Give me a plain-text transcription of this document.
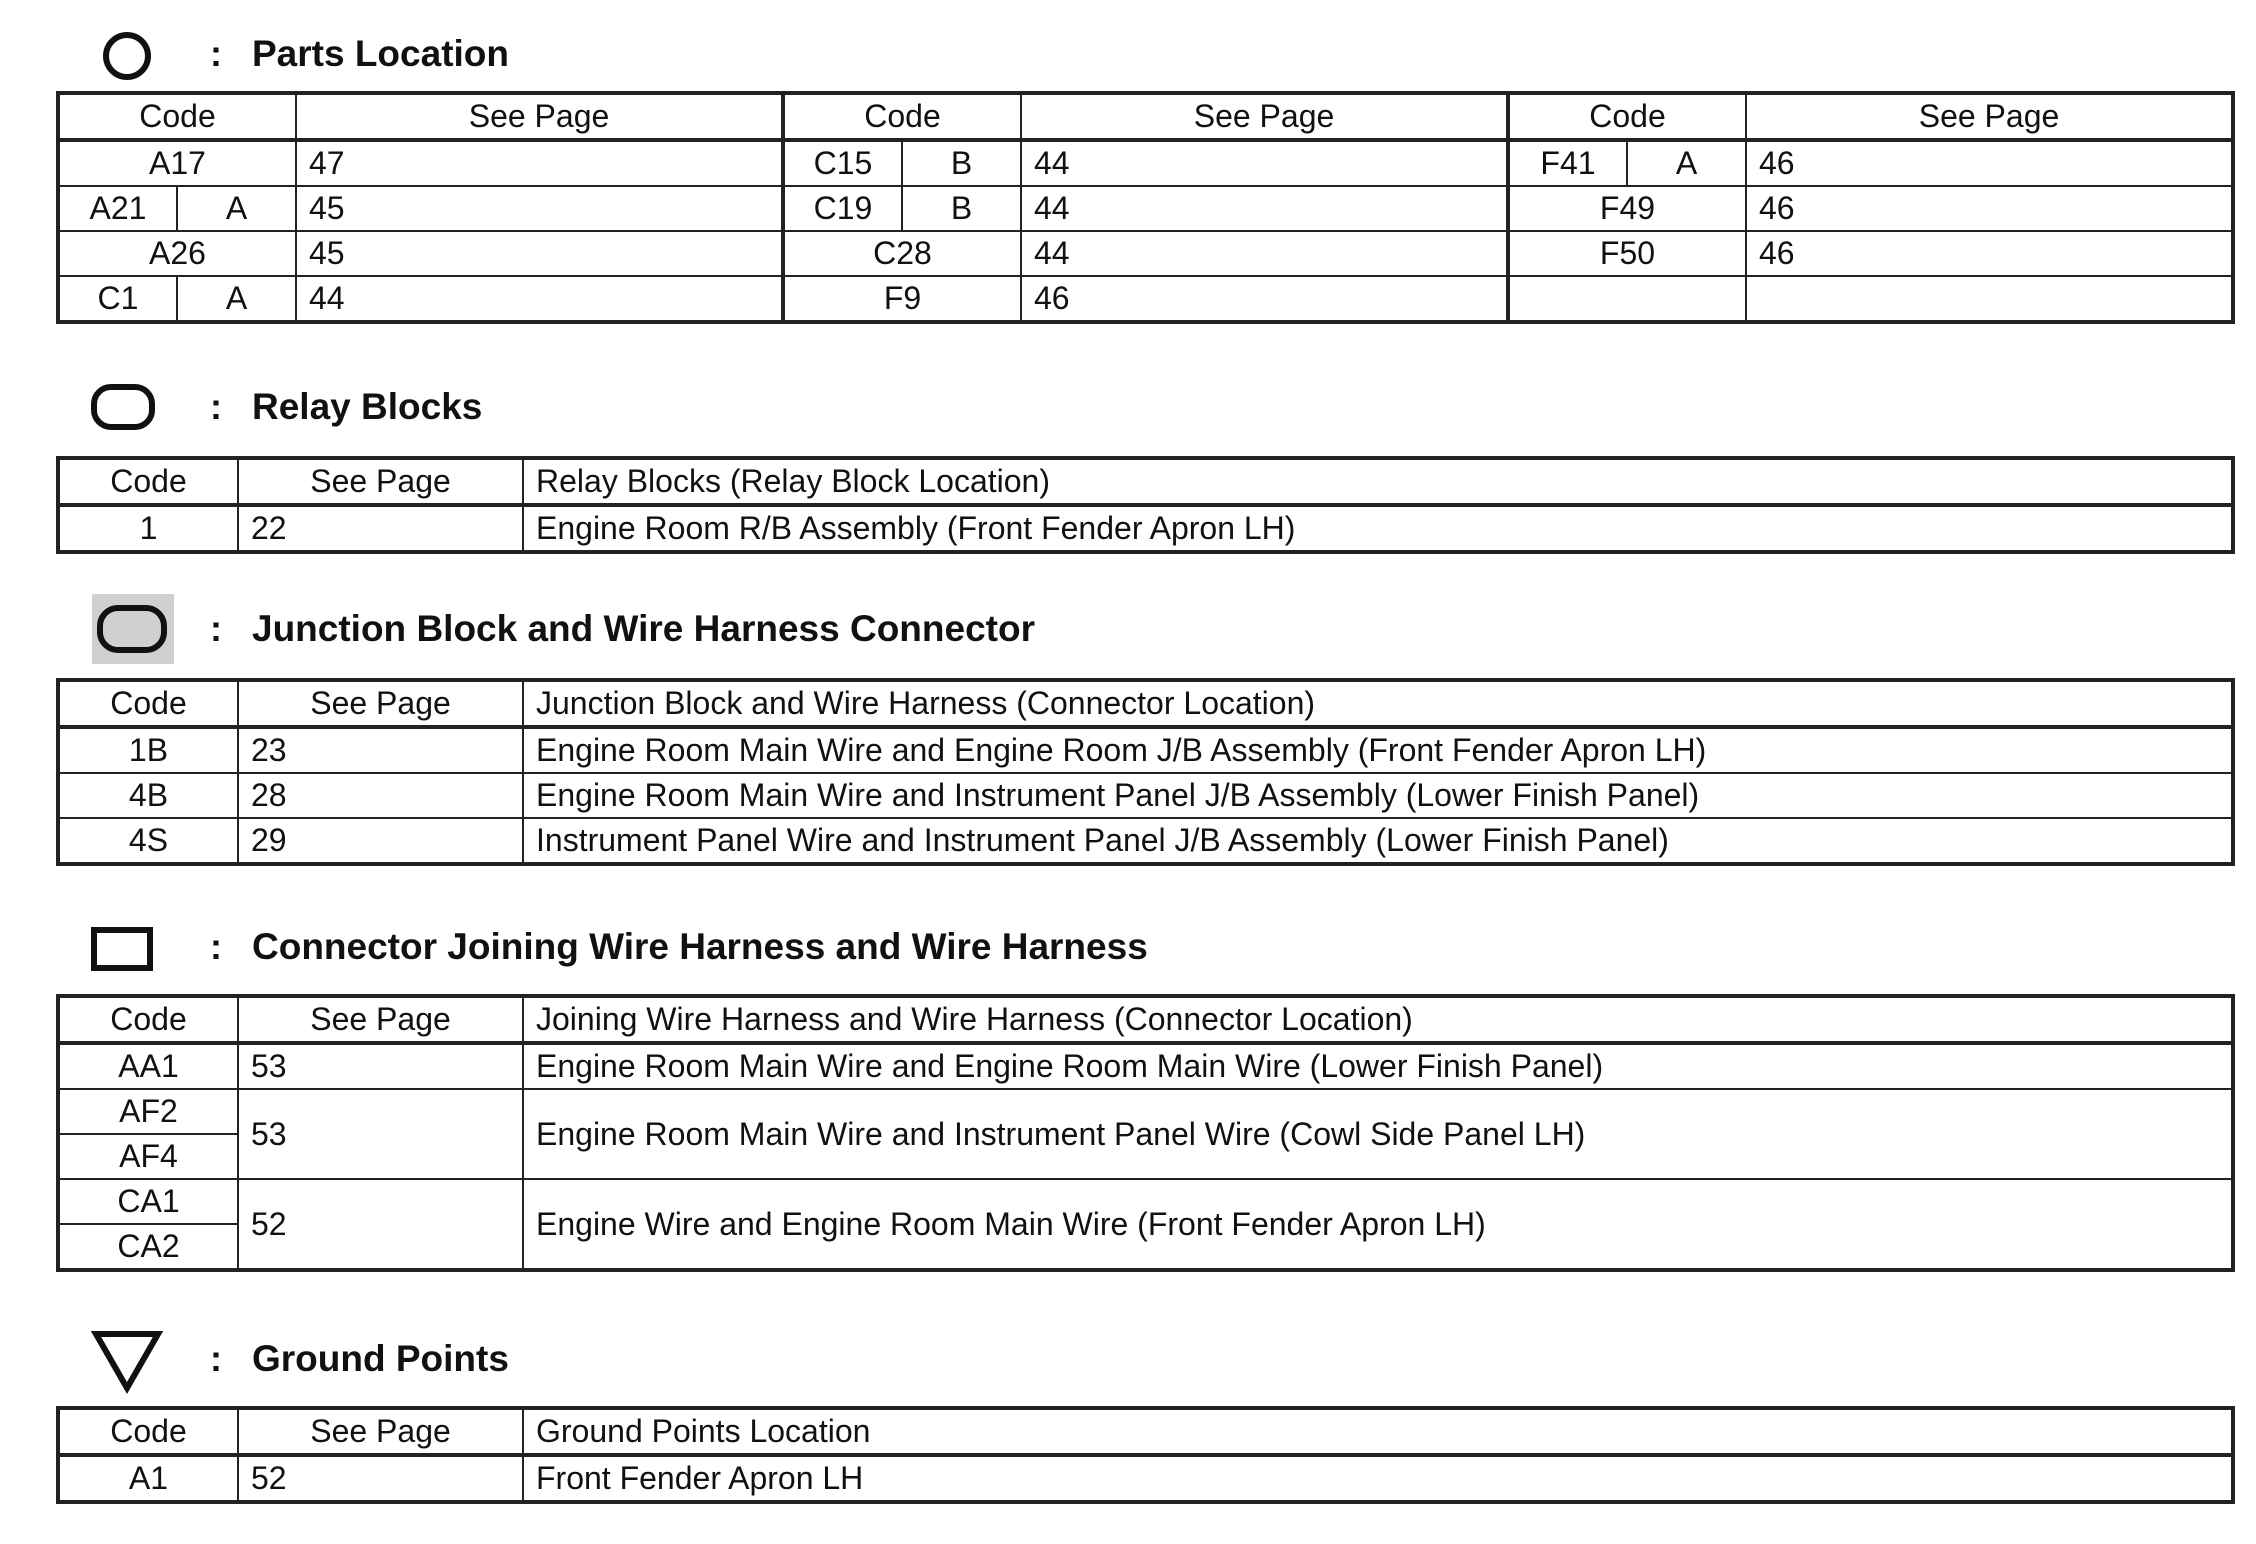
: Parts Location
Code		See Page	Code		See Page	Code		See Page
A17		47	C15	B	44	F41	A	46
A21	A	45	C19	B	44	F49		46
A26		45	C28		44	F50		46
C1	A	44	F9		46			
: Relay Blocks
Code	See Page	Relay Blocks (Relay Block Location)
1	22	Engine Room R/B Assembly (Front Fender Apron LH)
: Junction Block and Wire Harness Connector
Code	See Page	Junction Block and Wire Harness (Connector Location)
1B	23	Engine Room Main Wire and Engine Room J/B Assembly (Front Fender Apron LH)
4B	28	Engine Room Main Wire and Instrument Panel J/B Assembly (Lower Finish Panel)
4S	29	Instrument Panel Wire and Instrument Panel J/B Assembly (Lower Finish Panel)
: Connector Joining Wire Harness and Wire Harness
Code	See Page	Joining Wire Harness and Wire Harness (Connector Location)
AA1	53	Engine Room Main Wire and Engine Room Main Wire (Lower Finish Panel)
AF2	53	Engine Room Main Wire and Instrument Panel Wire (Cowl Side Panel LH)
AF4		
CA1	52	Engine Wire and Engine Room Main Wire (Front Fender Apron LH)
CA2		
: Ground Points
Code	See Page	Ground Points Location
A1	52	Front Fender Apron LH
